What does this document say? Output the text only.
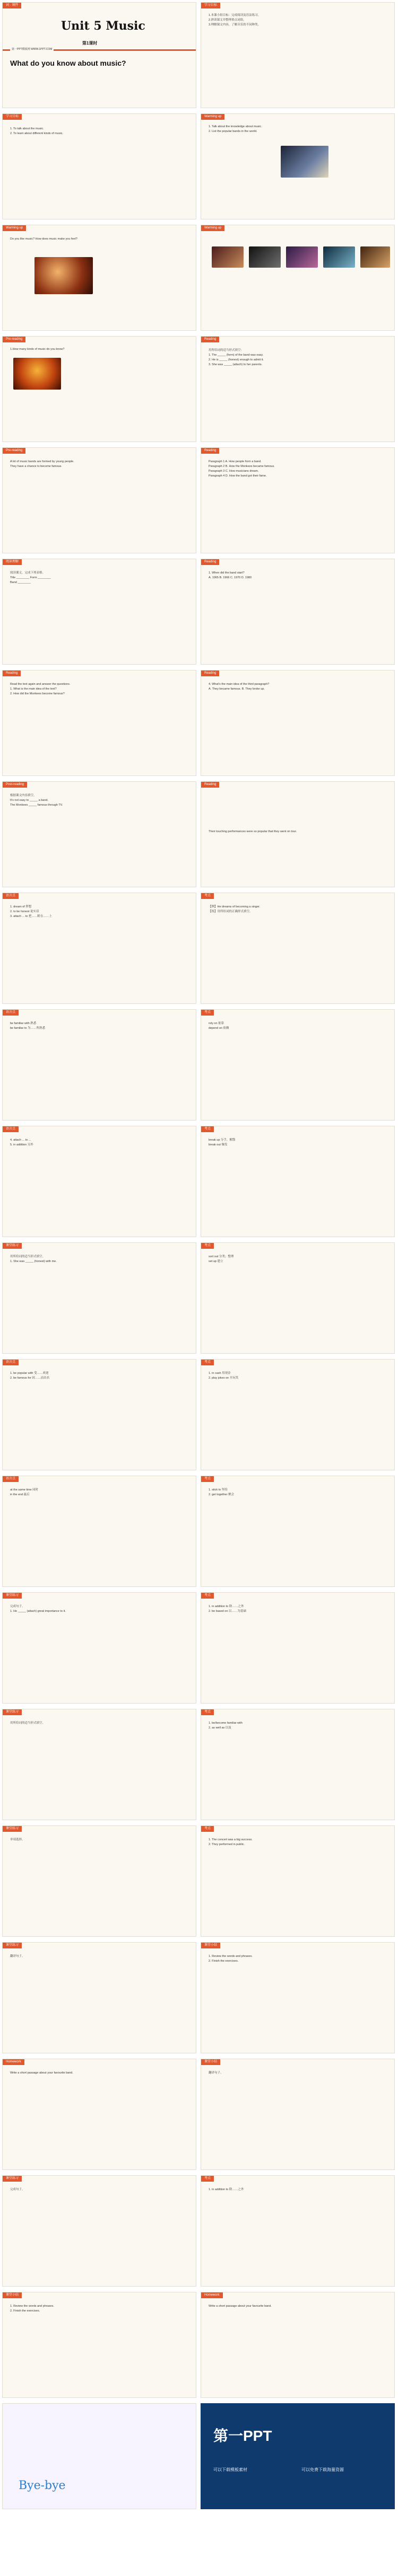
词 · 课件
Unit 5 Music
第1课时
What do you know about music?
第一PPT模板网 WWW.1PPT.COM
学习目标
1.本课小组目标：完成阅读及语法练习。
2.熟读课文并整理重点词组。
3.理解课文内容，了解音乐的不同种类。
学习目标
1. To talk about the music.
2. To learn about different kinds of music.
Warming up
1. Talk about the knowledge about music.
2. List the popular bands in the world.
Warming up
Do you like music? How does music make you feel?
Warming up
Pre-reading
1.How many kinds of music do you know?
Reading
用所给词的适当形式填空：
1. The _____ (form) of the band was easy.
2. He is _____ (honest) enough to admit it.
3. She was _____ (attach) to her parents.
Pre-reading
A lot of music bands are formed by young people.
They have a chance to become famous.
Reading
Paragraph 1 A. How people form a band.
Paragraph 2 B. How the Monkees became famous.
Paragraph 3 C. How musicians dream.
Paragraph 4 D. How the band got their fame.
阅读理解
阅读课文，完成下列表格。
Title ________ Form ________
Band ________
Reading
1. When did the band start?
A. 1965 B. 1966 C. 1970 D. 1980
Reading
Read the text again and answer the questions.
1. What is the main idea of the text?
2. How did the Monkees become famous?
Reading
4. What's the main idea of the third paragraph?
A. They became famous. B. They broke up.
Post-reading
根据课文内容填空。
It's not easy to _____ a band.
The Monkees _____ famous through TV.
Reading
Their touching performances were so popular that they went on tour.
语言点
1. dream of 梦想
2. to be honest 说实话
3. attach ... to 把……附在……上
考点
【例】He dreams of becoming a singer.
【练】用所给词的正确形式填空。
语言点
be familiar with 熟悉
be familiar to 为……所熟悉
考点
rely on 依靠
depend on 依赖
语言点
4. attach ... to ...
5. in addition 另外
考点
break up 分手，解散
break out 爆发
课堂练习
用所给词的适当形式填空。
1. She was _____ (honest) with me.
考点
sort out 分类；整理
set up 建立
语言点
1. be popular with 受……欢迎
2. be famous for 因……而出名
考点
1. in cash 用现金
2. play jokes on 开玩笑
语言点
at the same time 同时
in the end 最后
考点
1. stick to 坚持
2. get together 聚会
课堂练习
完成句子。
1. He _____ (attach) great importance to it.
考点
1. in addition to 除……之外
2. be based on 以……为基础
课堂练习
用所给词的适当形式填空。
考点
1. be/become familiar with
2. as well as 以及
课堂练习
单项选择。
考点
1. The concert was a big success.
2. They performed in public.
课堂练习
翻译句子。
课堂小结
1. Review the words and phrases.
2. Finish the exercises.
Homework
Write a short passage about your favourite band.
课堂小结
翻译句子。
课堂练习
完成句子。
考点
1. in addition to 除……之外
课堂小结
1. Review the words and phrases.
2. Finish the exercises.
Homework
Write a short passage about your favourite band.
Bye-bye
第一PPT
可以下载模板素材	可以免费下载海量资源
